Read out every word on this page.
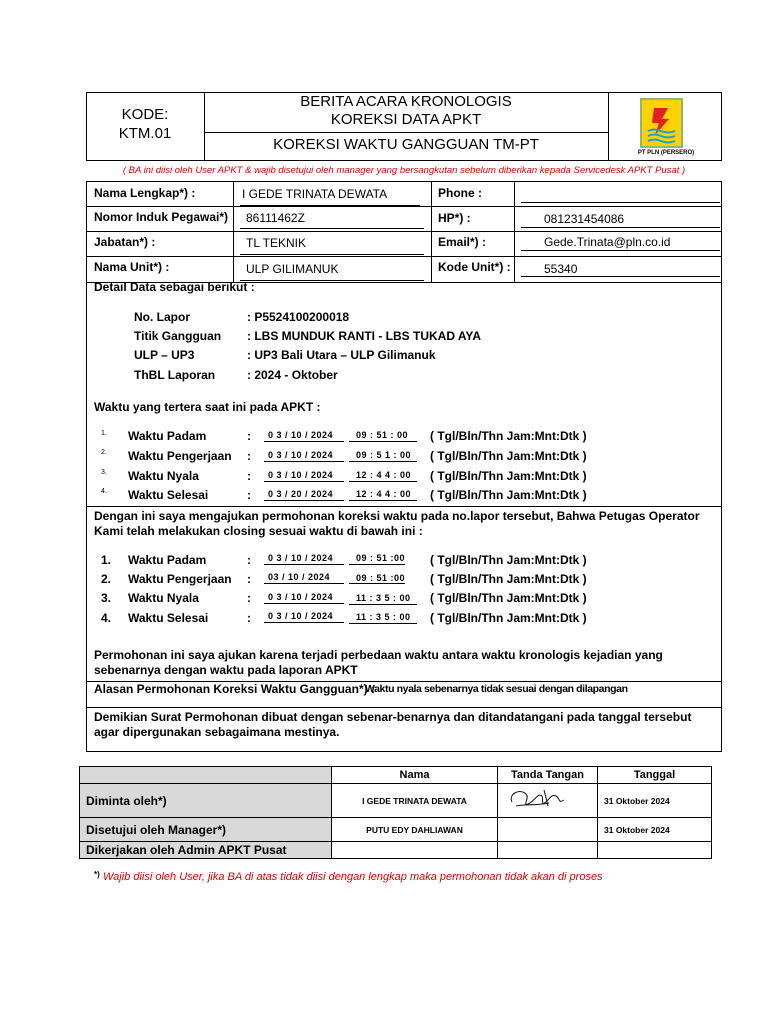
KODE:
KTM.01
BERITA ACARA KRONOLOGIS
KOREKSI DATA APKT
KOREKSI WAKTU GANGGUAN TM-PT	PT PLN (PERSERO)
( BA ini diisi oleh User APKT & wajib disetujui oleh manager yang bersangkutan sebelum diberikan kepada Servicedesk APKT Pusat )
Nama Lengkap*) :	I GEDE TRINATA DEWATA	Phone :
Nomor Induk Pegawai*) 86111462Z	HP*) :	081231454086
Jabatan*) :	TL TEKNIK	Email*) :	Gede.Trinata@pln.co.id
Nama Unit*) :	ULP GILIMANUK	Kode Unit*) :	55340
Detail Data sebagai berikut :
No. Lapor	: P5524100200018
Titik Gangguan : LBS MUNDUK RANTI - LBS TUKAD AYA
ULP – UP3	: UP3 Bali Utara – ULP Gilimanuk
ThBL Laporan	: 2024 - Oktober
Waktu yang tertera saat ini pada APKT :
1. Waktu Padam	: 0 3 / 10 / 2024	09 : 51 : 00 ( Tgl/Bln/Thn Jam:Mnt:Dtk )
2. Waktu Pengerjaan : 0 3 / 10 / 2024	09 : 5 1 : 00 ( Tgl/Bln/Thn Jam:Mnt:Dtk )
3. Waktu Nyala	: 0 3 / 10 / 2024	12 : 4 4 : 00 ( Tgl/Bln/Thn Jam:Mnt:Dtk )
4. Waktu Selesai	: 0 3 / 20 / 2024	12 : 4 4 : 00 ( Tgl/Bln/Thn Jam:Mnt:Dtk )
Dengan ini saya mengajukan permohonan koreksi waktu pada no.lapor tersebut, Bahwa Petugas Operator Kami telah melakukan closing sesuai waktu di bawah ini :
1. Waktu Padam	: 0 3 / 10 / 2024	09 : 51 :00 ( Tgl/Bln/Thn Jam:Mnt:Dtk )
2. Waktu Pengerjaan : 03 / 10 / 2024	09 : 51 :00 ( Tgl/Bln/Thn Jam:Mnt:Dtk )
3. Waktu Nyala	: 0 3 / 10 / 2024	11 : 3 5 : 00 ( Tgl/Bln/Thn Jam:Mnt:Dtk )
4. Waktu Selesai	: 0 3 / 10 / 2024	11 : 3 5 : 00 ( Tgl/Bln/Thn Jam:Mnt:Dtk )
Permohonan ini saya ajukan karena terjadi perbedaan waktu antara waktu kronologis kejadian yang sebenarnya dengan waktu pada laporan APKT
Alasan Permohonan Koreksi Waktu Gangguan*) :
Waktu nyala sebenarnya tidak sesuai dengan dilapangan
Demikian Surat Permohonan dibuat dengan sebenar-benarnya dan ditandatangani pada tanggal tersebut agar dipergunakan sebagaimana mestinya.
	Nama	Tanda Tangan	Tanggal
Diminta oleh*)	I GEDE TRINATA DEWATA		31 Oktober 2024
Disetujui oleh Manager*)	PUTU EDY DAHLIAWAN		31 Oktober 2024
Dikerjakan oleh Admin APKT Pusat			
*) Wajib diisi oleh User, jika BA di atas tidak diisi dengan lengkap maka permohonan tidak akan di proses
